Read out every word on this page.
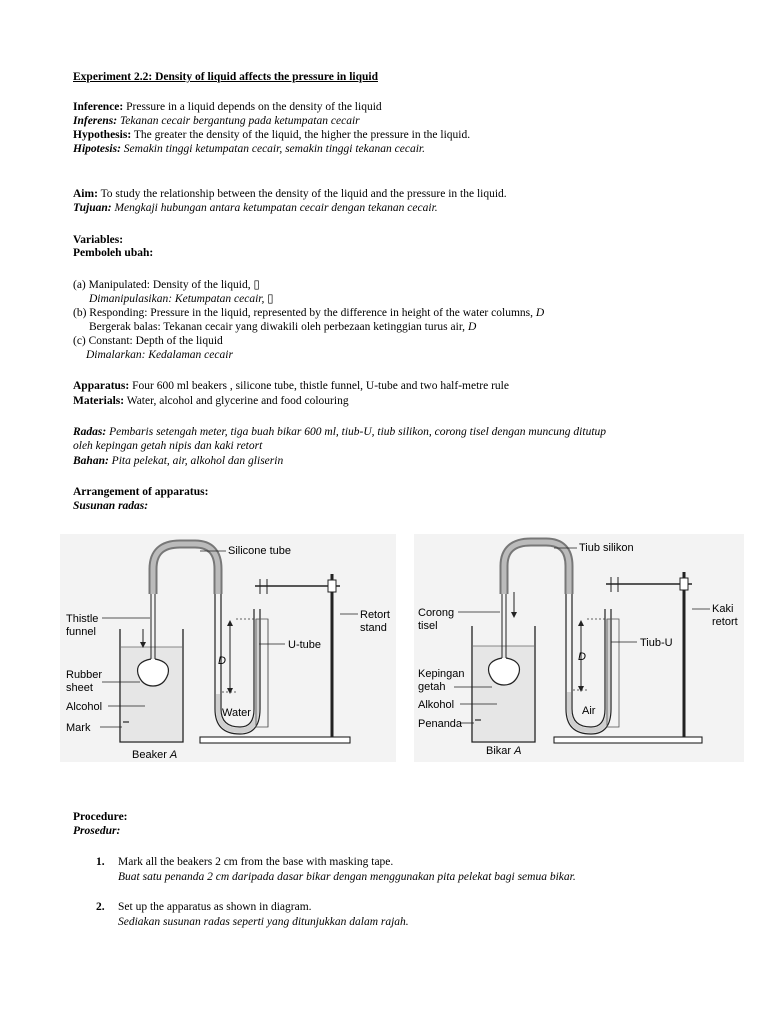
Experiment 2.2: Density of liquid affects the pressure in liquid
Inference: Pressure in a liquid depends on the density of the liquid
Inferens: Tekanan cecair bergantung pada ketumpatan cecair
Hypothesis: The greater the density of the liquid, the higher the pressure in the liquid.
Hipotesis: Semakin tinggi ketumpatan cecair, semakin tinggi tekanan cecair.
Aim: To study the relationship between the density of the liquid and the pressure in the liquid.
Tujuan: Mengkaji hubungan antara ketumpatan cecair dengan tekanan cecair.
Variables:
Pemboleh ubah:
(a) Manipulated: Density of the liquid, ▯
Dimanipulasikan: Ketumpatan cecair, ▯
(b) Responding: Pressure in the liquid, represented by the difference in height of the water columns, D
Bergerak balas: Tekanan cecair yang diwakili oleh perbezaan ketinggian turus air, D
(c) Constant: Depth of the liquid
Dimalarkan: Kedalaman cecair
Apparatus: Four 600 ml beakers , silicone tube, thistle funnel, U-tube and two half-metre rule
Materials: Water, alcohol and glycerine and food colouring
Radas: Pembaris setengah meter, tiga buah bikar 600 ml, tiub-U, tiub silikon, corong tisel dengan muncung ditutup
oleh kepingan getah nipis dan kaki retort
Bahan: Pita pelekat, air, alkohol dan gliserin
Arrangement of apparatus:
Susunan radas:
Silicone tube
Thistle
funnel
Retort
stand
D
U-tube
Rubber
sheet
Alcohol	Water
Mark
Beaker A
Tiub silikon
Corong
tisel
Kaki
retort
D
Tiub-U
Kepingan
getah
Alkohol	Air
Penanda
Bikar A
Procedure:
Prosedur:
1. Mark all the beakers 2 cm from the base with masking tape.
Buat satu penanda 2 cm daripada dasar bikar dengan menggunakan pita pelekat bagi semua bikar.
2. Set up the apparatus as shown in diagram.
Sediakan susunan radas seperti yang ditunjukkan dalam rajah.
